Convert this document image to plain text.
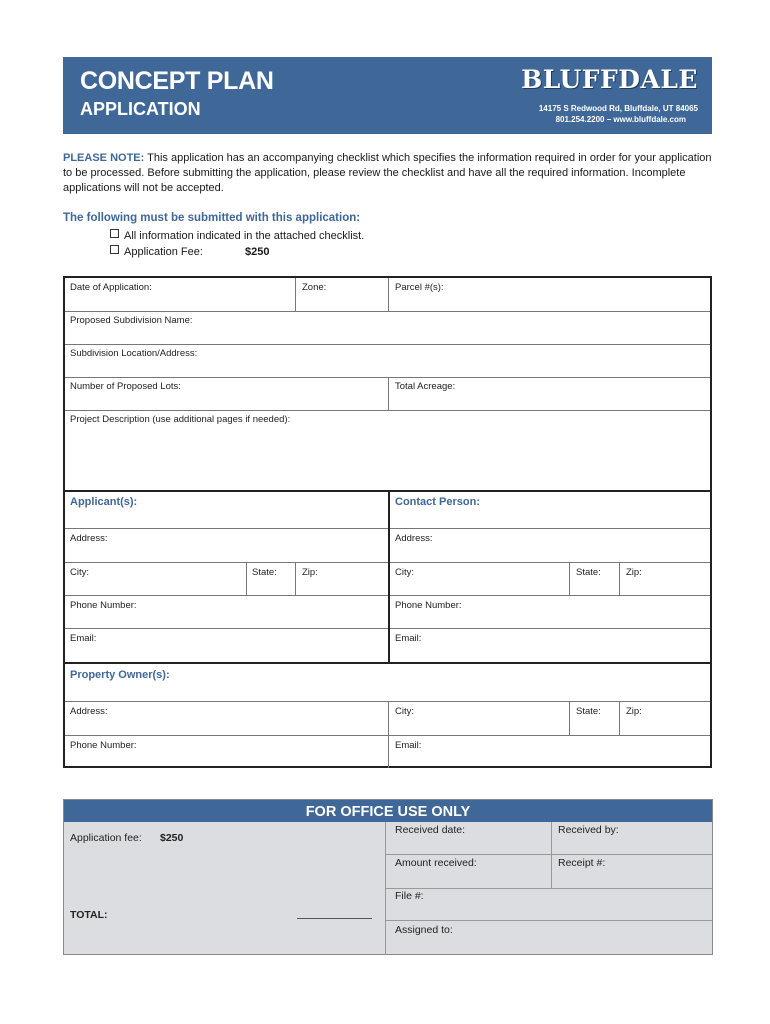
CONCEPT PLAN
APPLICATION
BLUFFDALE
14175 S Redwood Rd, Bluffdale, UT 84065
801.254.2200 – www.bluffdale.com
PLEASE NOTE: This application has an accompanying checklist which specifies the information required in order for your application to be processed. Before submitting the application, please review the checklist and have all the required information. Incomplete applications will not be accepted.
The following must be submitted with this application:
All information indicated in the attached checklist.
Application Fee:	$250
Date of Application:	Zone:	Parcel #(s):
Proposed Subdivision Name:
Subdivision Location/Address:
Number of Proposed Lots:	Total Acreage:
Project Description (use additional pages if needed):
Applicant(s):	Contact Person:
Address:	Address:
City:	State:	Zip:	City:	State:	Zip:
Phone Number:	Phone Number:
Email:	Email:
Property Owner(s):
Address:	City:	State:	Zip:
Phone Number:	Email:
FOR OFFICE USE ONLY
Application fee: $250
Received date:	Received by:
Amount received:	Receipt #:
File #:
Assigned to:
TOTAL:
